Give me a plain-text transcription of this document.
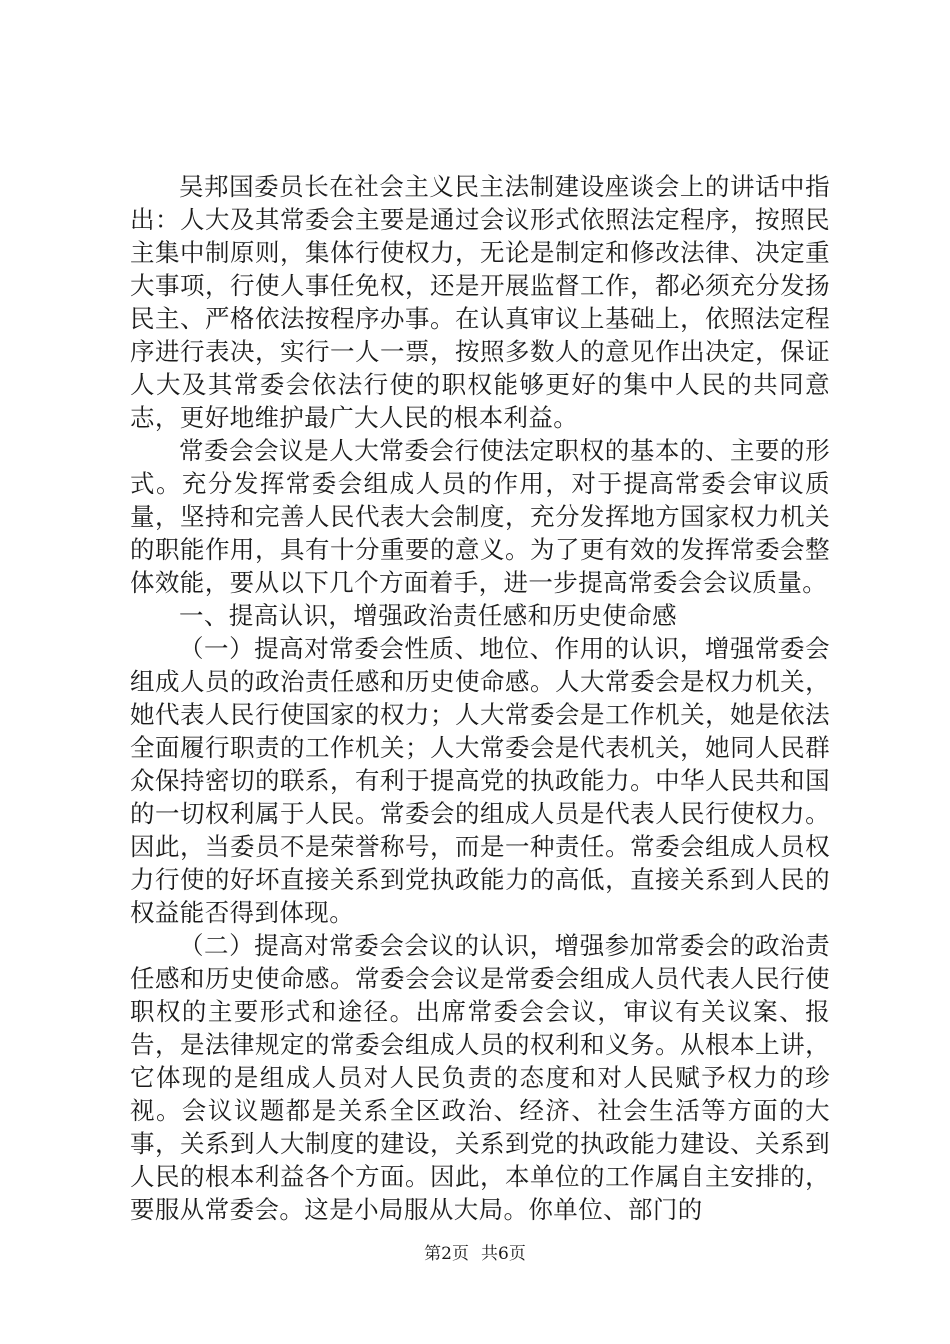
吴邦国委员长在社会主义民主法制建设座谈会上的讲话中指出：人大及其常委会主要是通过会议形式依照法定程序，按照民主集中制原则，集体行使权力，无论是制定和修改法律、决定重大事项，行使人事任免权，还是开展监督工作，都必须充分发扬民主、严格依法按程序办事。在认真审议上基础上，依照法定程序进行表决，实行一人一票，按照多数人的意见作出决定，保证人大及其常委会依法行使的职权能够更好的集中人民的共同意志，更好地维护最广大人民的根本利益。

常委会会议是人大常委会行使法定职权的基本的、主要的形式。充分发挥常委会组成人员的作用，对于提高常委会审议质量，坚持和完善人民代表大会制度，充分发挥地方国家权力机关的职能作用，具有十分重要的意义。为了更有效的发挥常委会整体效能，要从以下几个方面着手，进一步提高常委会会议质量。

一、提高认识，增强政治责任感和历史使命感

（一）提高对常委会性质、地位、作用的认识，增强常委会组成人员的政治责任感和历史使命感。人大常委会是权力机关，她代表人民行使国家的权力；人大常委会是工作机关，她是依法全面履行职责的工作机关；人大常委会是代表机关，她同人民群众保持密切的联系，有利于提高党的执政能力。中华人民共和国的一切权利属于人民。常委会的组成人员是代表人民行使权力。因此，当委员不是荣誉称号，而是一种责任。常委会组成人员权力行使的好坏直接关系到党执政能力的高低，直接关系到人民的权益能否得到体现。

（二）提高对常委会会议的认识，增强参加常委会的政治责任感和历史使命感。常委会会议是常委会组成人员代表人民行使职权的主要形式和途径。出席常委会会议，审议有关议案、报告，是法律规定的常委会组成人员的权利和义务。从根本上讲，它体现的是组成人员对人民负责的态度和对人民赋予权力的珍视。会议议题都是关系全区政治、经济、社会生活等方面的大事，关系到人大制度的建设，关系到党的执政能力建设、关系到人民的根本利益各个方面。因此，本单位的工作属自主安排的，要服从常委会。这是小局服从大局。你单位、部门的

第2页 共6页
